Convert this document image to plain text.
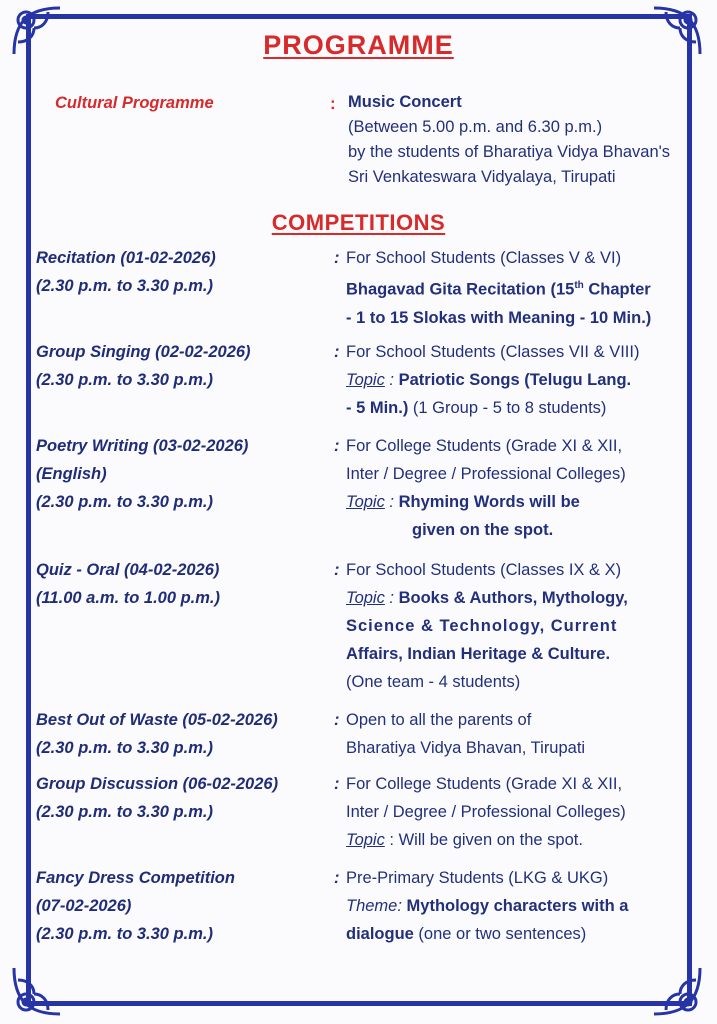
PROGRAMME
Cultural Programme	: Music Concert
(Between 5.00 p.m. and 6.30 p.m.)
by the students of Bharatiya Vidya Bhavan's
Sri Venkateswara Vidyalaya, Tirupati
COMPETITIONS
Recitation (01-02-2026)
(2.30 p.m. to 3.30 p.m.)
: For School Students (Classes V & VI)
Bhagavad Gita Recitation (15th Chapter
- 1 to 15 Slokas with Meaning - 10 Min.)
Group Singing (02-02-2026)
(2.30 p.m. to 3.30 p.m.)
: For School Students (Classes VII & VIII)
Topic : Patriotic Songs (Telugu Lang.
- 5 Min.) (1 Group - 5 to 8 students)
Poetry Writing (03-02-2026)
(English)
(2.30 p.m. to 3.30 p.m.)
: For College Students (Grade XI & XII,
Inter / Degree / Professional Colleges)
Topic : Rhyming Words will be
given on the spot.
Quiz - Oral (04-02-2026)
(11.00 a.m. to 1.00 p.m.)
: For School Students (Classes IX & X)
Topic : Books & Authors, Mythology,
Science & Technology, Current
Affairs, Indian Heritage & Culture.
(One team - 4 students)
Best Out of Waste (05-02-2026)
(2.30 p.m. to 3.30 p.m.)
: Open to all the parents of
Bharatiya Vidya Bhavan, Tirupati
Group Discussion (06-02-2026)
(2.30 p.m. to 3.30 p.m.)
: For College Students (Grade XI & XII,
Inter / Degree / Professional Colleges)
Topic : Will be given on the spot.
Fancy Dress Competition
(07-02-2026)
(2.30 p.m. to 3.30 p.m.)
: Pre-Primary Students (LKG & UKG)
Theme: Mythology characters with a
dialogue (one or two sentences)
